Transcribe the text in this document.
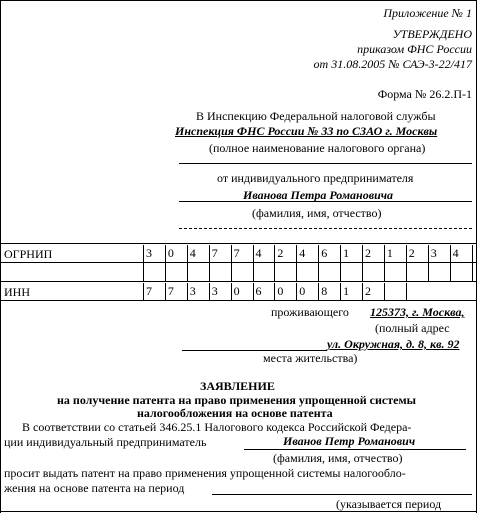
Приложение № 1
УТВЕРЖДЕНО
приказом ФНС России
от 31.08.2005 № САЭ-3-22/417
Форма № 26.2.П-1
В Инспекцию Федеральной налоговой службы
Инспекция ФНС России № 33 по СЗАО г. Москвы
(полное наименование налогового органа)
от индивидуального предпринимателя
Иванова Петра Романовича
(фамилия, имя, отчество)
ОГРНИП	3	0	4	7	7	4	2	4	6	1	2	1	2	3	4
ИНН	7	7	3	3	0	6	0	0	8	1	2
проживающего 125373, г. Москва,
(полный адрес
ул. Окружная, д. 8, кв. 92
места жительства)
ЗАЯВЛЕНИЕ
на получение патента на право применения упрощенной системы
налогообложения на основе патента
В соответствии со статьей 346.25.1 Налогового кодекса Российской Федера-
ции индивидуальный предприниматель	Иванов Петр Романович
(фамилия, имя, отчество)
просит выдать патент на право применения упрощенной системы налогообло-
жения на основе патента на период
(указывается период
